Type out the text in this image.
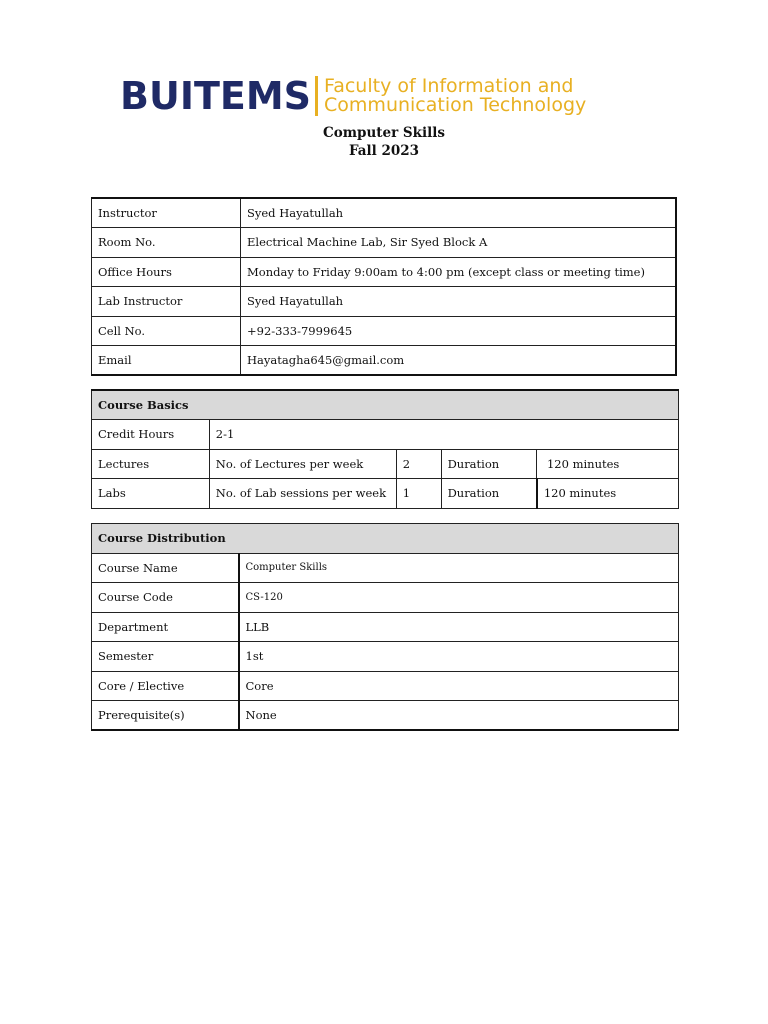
BUITEMS Faculty of Information and
Communication Technology
Computer Skills
Fall 2023
Instructor	Syed Hayatullah
Room No.	Electrical Machine Lab, Sir Syed Block A
Office Hours	Monday to Friday 9:00am to 4:00 pm (except class or meeting time)
Lab Instructor	Syed Hayatullah
Cell No.	+92-333-7999645
Email	Hayatagha645@gmail.com
Course Basics				
Credit Hours	2-1			
Lectures	No. of Lectures per week	2	Duration	120 minutes
Labs	No. of Lab sessions per week	1	Duration	120 minutes
Course Distribution	
Course Name	Computer Skills
Course Code	CS-120
Department	LLB
Semester	1st
Core / Elective	Core
Prerequisite(s)	None
